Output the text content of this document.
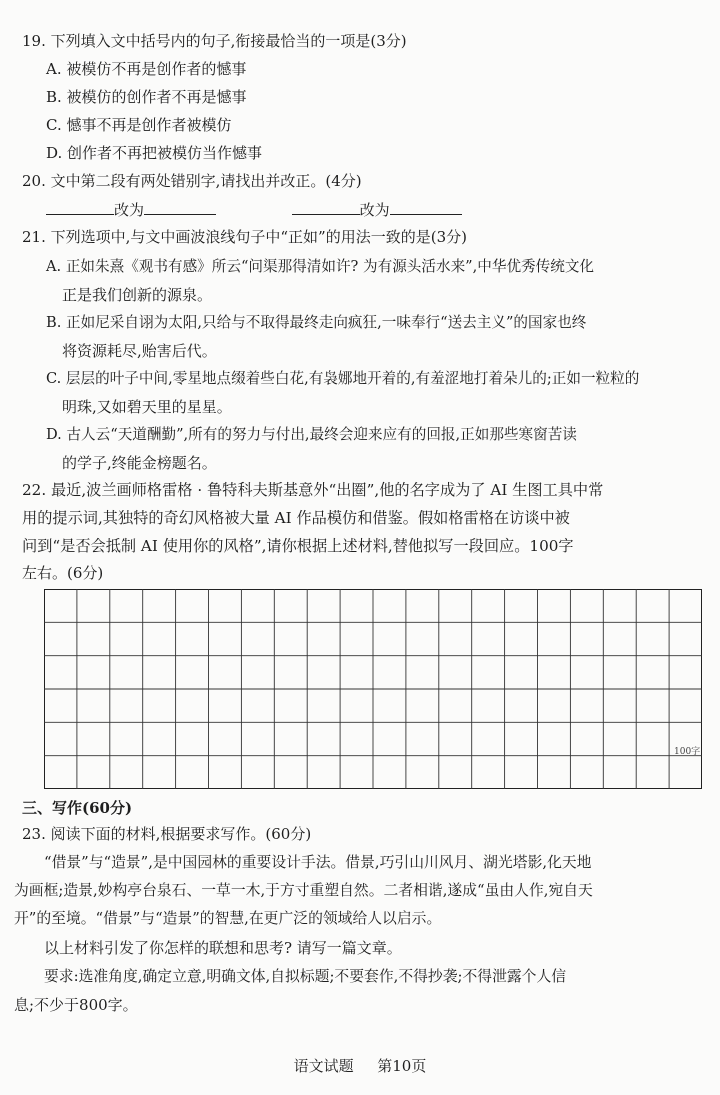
19. 下列填入文中括号内的句子,衔接最恰当的一项是(3分)
A. 被模仿不再是创作者的憾事
B. 被模仿的创作者不再是憾事
C. 憾事不再是创作者被模仿
D. 创作者不再把被模仿当作憾事
20. 文中第二段有两处错别字,请找出并改正。(4分)
改为	改为
21. 下列选项中,与文中画波浪线句子中“正如”的用法一致的是(3分)
A. 正如朱熹《观书有感》所云“问渠那得清如许? 为有源头活水来”,中华优秀传统文化
正是我们创新的源泉。
B. 正如尼采自诩为太阳,只给与不取得最终走向疯狂,一味奉行“送去主义”的国家也终
将资源耗尽,贻害后代。
C. 层层的叶子中间,零星地点缀着些白花,有袅娜地开着的,有羞涩地打着朵儿的;正如一粒粒的
明珠,又如碧天里的星星。
D. 古人云“天道酬勤”,所有的努力与付出,最终会迎来应有的回报,正如那些寒窗苦读
的学子,终能金榜题名。
22. 最近,波兰画师格雷格 · 鲁特科夫斯基意外“出圈”,他的名字成为了 AI 生图工具中常
用的提示词,其独特的奇幻风格被大量 AI 作品模仿和借鉴。假如格雷格在访谈中被
问到“是否会抵制 AI 使用你的风格”,请你根据上述材料,替他拟写一段回应。100字
左右。(6分)
100字
三、写作(60分)
23. 阅读下面的材料,根据要求写作。(60分)
“借景”与“造景”,是中国园林的重要设计手法。借景,巧引山川风月、湖光塔影,化天地
为画框;造景,妙构亭台泉石、一草一木,于方寸重塑自然。二者相谐,遂成“虽由人作,宛自天
开”的至境。“借景”与“造景”的智慧,在更广泛的领域给人以启示。
以上材料引发了你怎样的联想和思考? 请写一篇文章。
要求:选准角度,确定立意,明确文体,自拟标题;不要套作,不得抄袭;不得泄露个人信
息;不少于800字。
语文试题 第10页
